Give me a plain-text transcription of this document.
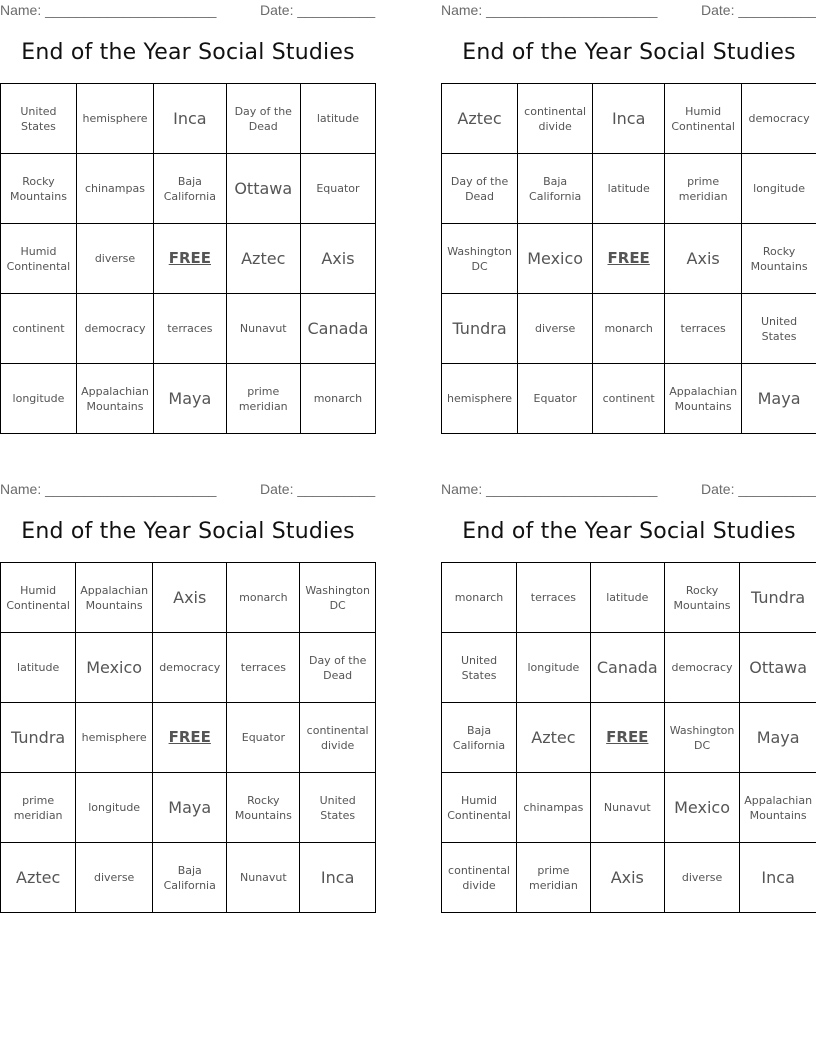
Name: ______________________	Date: __________
End of the Year Social Studies
United States	hemisphere	Inca	Day of the Dead	latitude
Rocky Mountains	chinampas	Baja California	Ottawa	Equator
Humid Continental	diverse	FREE	Aztec	Axis
continent	democracy	terraces	Nunavut	Canada
longitude	Appalachian Mountains	Maya	prime meridian	monarch
Name: ______________________	Date: __________
End of the Year Social Studies
Aztec	continental divide	Inca	Humid Continental	democracy
Day of the Dead	Baja California	latitude	prime meridian	longitude
Washington DC	Mexico	FREE	Axis	Rocky Mountains
Tundra	diverse	monarch	terraces	United States
hemisphere	Equator	continent	Appalachian Mountains	Maya
Name: ______________________	Date: __________
End of the Year Social Studies
Humid Continental	Appalachian Mountains	Axis	monarch	Washington DC
latitude	Mexico	democracy	terraces	Day of the Dead
Tundra	hemisphere	FREE	Equator	continental divide
prime meridian	longitude	Maya	Rocky Mountains	United States
Aztec	diverse	Baja California	Nunavut	Inca
Name: ______________________	Date: __________
End of the Year Social Studies
monarch	terraces	latitude	Rocky Mountains	Tundra
United States	longitude	Canada	democracy	Ottawa
Baja California	Aztec	FREE	Washington DC	Maya
Humid Continental	chinampas	Nunavut	Mexico	Appalachian Mountains
continental divide	prime meridian	Axis	diverse	Inca
